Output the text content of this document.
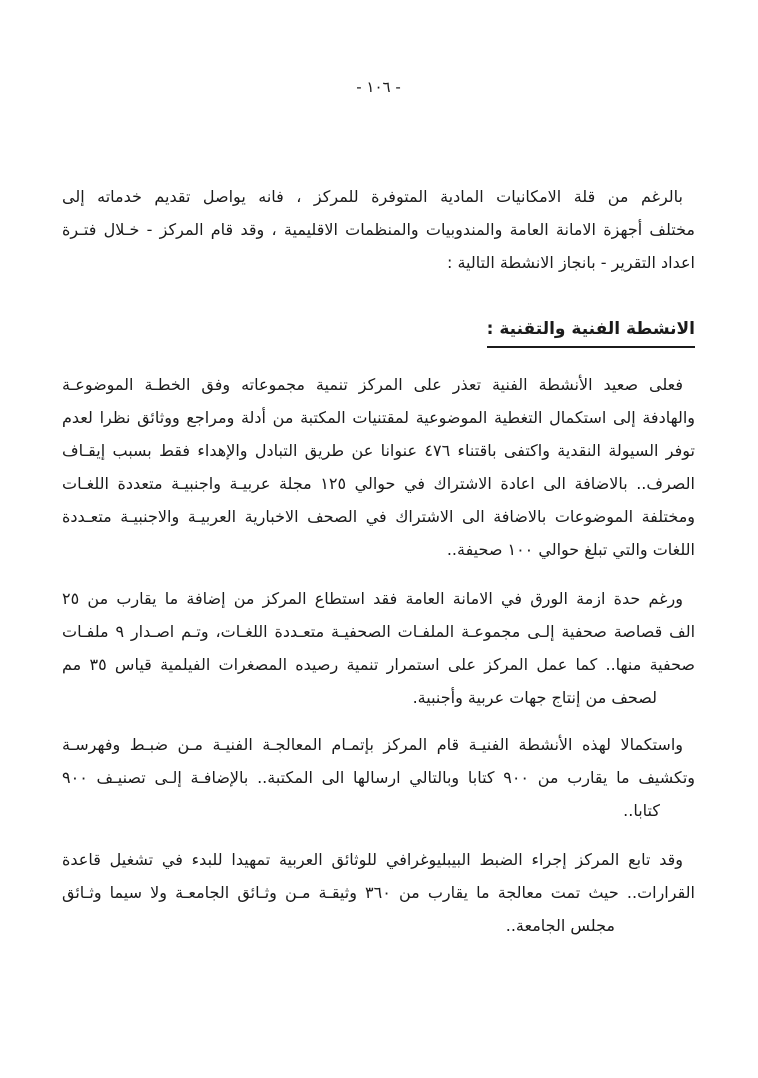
- ١٠٦ -
بالرغم من قلة الامكانيات المادية المتوفرة للمركز ، فانه يواصل تقديم خدماته إلى
مختلف أجهزة الامانة العامة والمندوبيات والمنظمات الاقليمية ، وقد قام المركز - خـلال فتـرة
اعداد التقرير - بانجاز الانشطة التالية :
الانشطة الفنية والتقنية :
فعلى صعيد الأنشطة الفنية تعذر على المركز تنمية مجموعاته وفق الخطـة الموضوعـة
والهادفة إلى استكمال التغطية الموضوعية لمقتنيات المكتبة من أدلة ومراجع ووثائق نظرا لعدم
توفر السيولة النقدية واكتفى باقتناء ٤٧٦ عنوانا عن طريق التبادل والإهداء فقط بسبب إيقـاف
الصرف.. بالاضافة الى اعادة الاشتراك في حوالي ١٢٥ مجلة عربيـة واجنبيـة متعددة اللغـات
ومختلفة الموضوعات بالاضافة الى الاشتراك في الصحف الاخبارية العربيـة والاجنبيـة متعـددة
اللغات والتي تبلغ حوالي ١٠٠ صحيفة..
ورغم حدة ازمة الورق في الامانة العامة فقد استطاع المركز من إضافة ما يقارب من ٢٥
الف قصاصة صحفية إلـى مجموعـة الملفـات الصحفيـة متعـددة اللغـات، وتـم اصـدار ٩ ملفـات
صحفية منها.. كما عمل المركز على استمرار تنمية رصيده المصغرات الفيلمية قياس ٣٥ مم
لصحف من إنتاج جهات عربية وأجنبية.
واستكمالا لهذه الأنشطة الفنيـة قام المركز بإتمـام المعالجـة الفنيـة مـن ضبـط وفهرسـة
وتكشيف ما يقارب من ٩٠٠ كتابا وبالتالي ارسالها الى المكتبة.. بالإضافـة إلـى تصنيـف ٩٠٠
كتابا..
وقد تابع المركز إجراء الضبط البيبليوغرافي للوثائق العربية تمهيدا للبدء في تشغيل قاعدة
القرارات.. حيث تمت معالجة ما يقارب من ٣٦٠ وثيقـة مـن وثـائق الجامعـة ولا سيما وثـائق
مجلس الجامعة..
